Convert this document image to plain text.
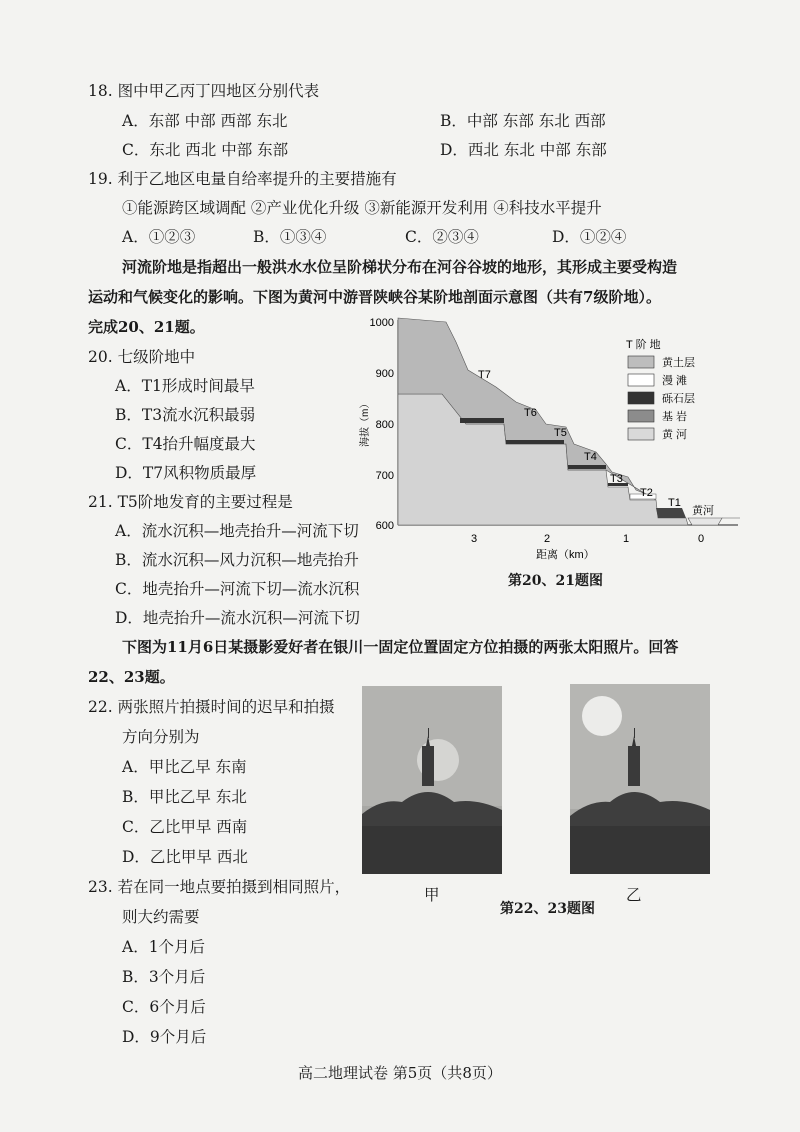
18. 图中甲乙丙丁四地区分别代表
A．东部 中部 西部 东北	B．中部 东部 东北 西部
C．东北 西北 中部 东部	D．西北 东北 中部 东部
19. 利于乙地区电量自给率提升的主要措施有
①能源跨区域调配 ②产业优化升级 ③新能源开发利用 ④科技水平提升
A．①②③	B．①③④	C．②③④	D．①②④
河流阶地是指超出一般洪水水位呈阶梯状分布在河谷谷坡的地形，其形成主要受构造
运动和气候变化的影响。下图为黄河中游晋陕峡谷某阶地剖面示意图（共有7级阶地）。
完成20、21题。
20. 七级阶地中
A．T1形成时间最早
B．T3流水沉积最弱
C．T4抬升幅度最大
D．T7风积物质最厚
21. T5阶地发育的主要过程是
A．流水沉积—地壳抬升—河流下切
B．流水沉积—风力沉积—地壳抬升
C．地壳抬升—河流下切—流水沉积
D．地壳抬升—流水沉积—河流下切
1000
900
800
700
600
海拔（m）
T7
T6
T5
T4
T3
T2
T1
黄河
3	2	1	0
距离（km）
T 阶 地
黄土层
漫 滩
砾石层
基 岩
黄 河
第20、21题图
下图为11月6日某摄影爱好者在银川一固定位置固定方位拍摄的两张太阳照片。回答
22、23题。
22. 两张照片拍摄时间的迟早和拍摄
方向分别为
A．甲比乙早 东南
B．甲比乙早 东北
C．乙比甲早 西南
D．乙比甲早 西北
23. 若在同一地点要拍摄到相同照片，
则大约需要
A．1个月后
B．3个月后
C．6个月后
D．9个月后
甲	乙
第22、23题图
高二地理试卷 第5页（共8页）
